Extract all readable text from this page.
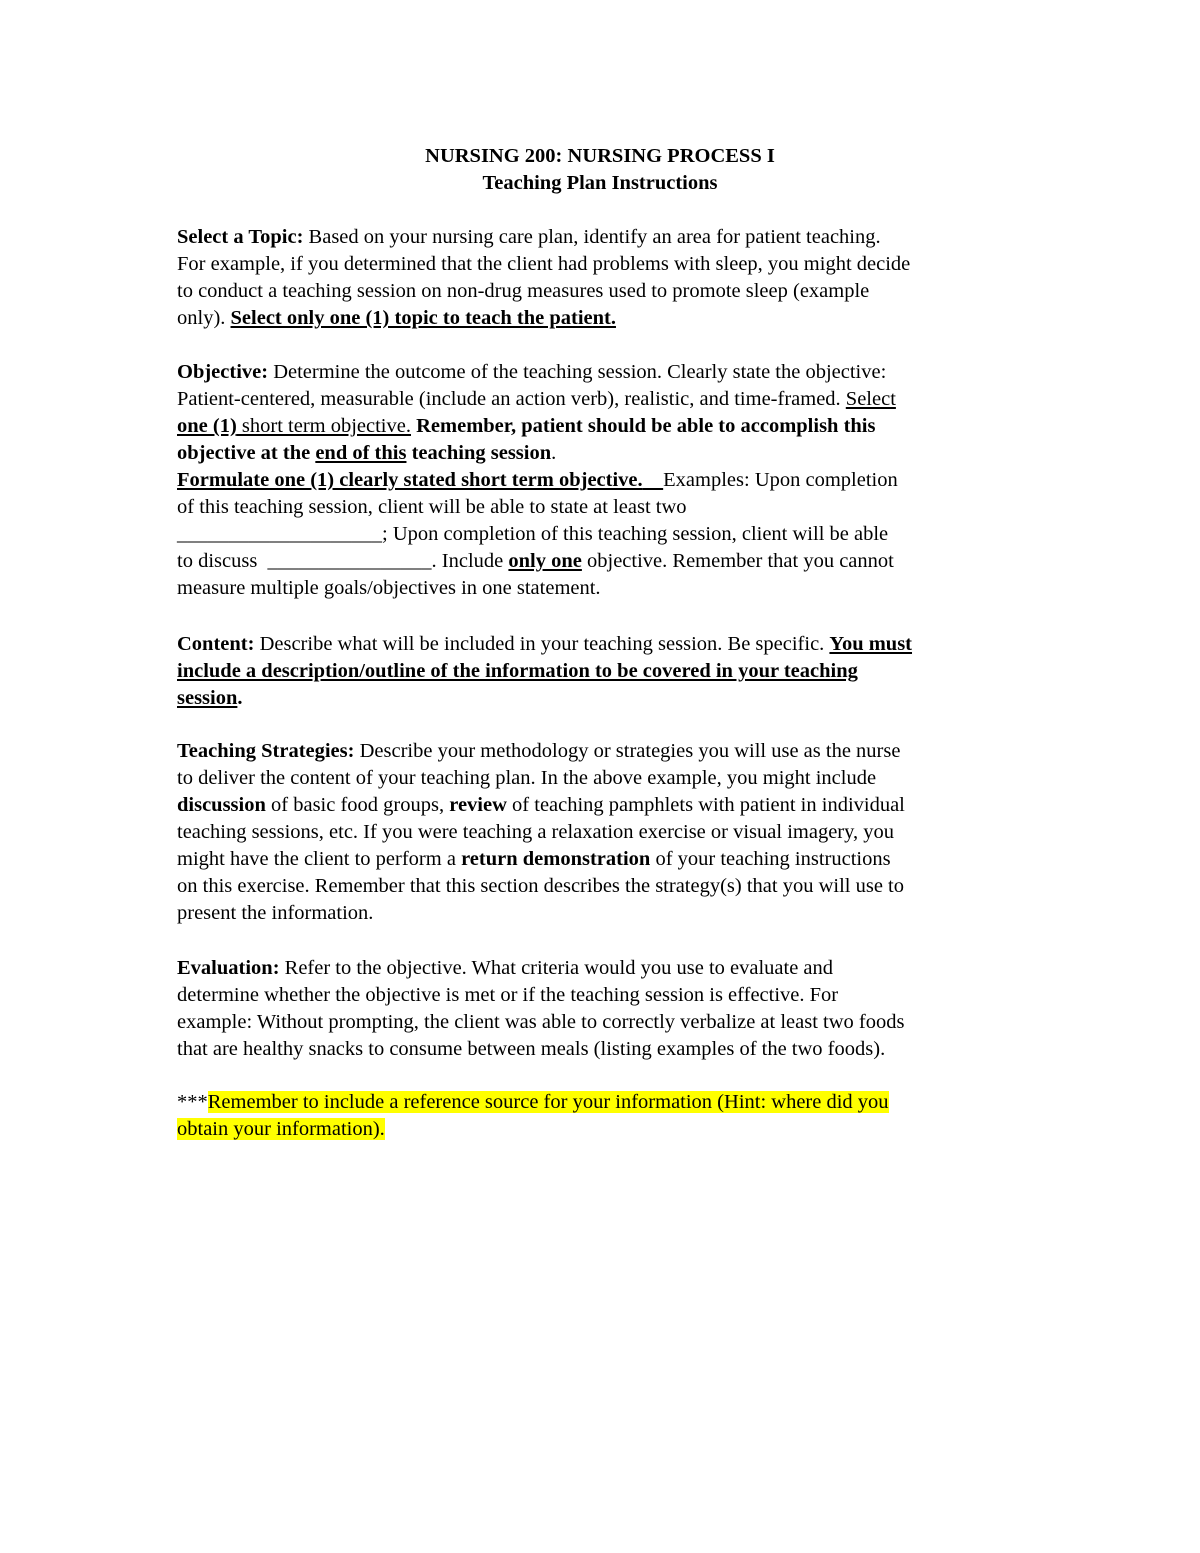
NURSING 200: NURSING PROCESS I
Teaching Plan Instructions
Select a Topic: Based on your nursing care plan, identify an area for patient teaching.
For example, if you determined that the client had problems with sleep, you might decide
to conduct a teaching session on non-drug measures used to promote sleep (example
only). Select only one (1) topic to teach the patient.
Objective: Determine the outcome of the teaching session. Clearly state the objective:
Patient-centered, measurable (include an action verb), realistic, and time-framed. Select
one (1) short term objective. Remember, patient should be able to accomplish this
objective at the end of this teaching session.
Formulate one (1) clearly stated short term objective. Examples: Upon completion
of this teaching session, client will be able to state at least two
____________________; Upon completion of this teaching session, client will be able
to discuss  ________________. Include only one objective. Remember that you cannot
measure multiple goals/objectives in one statement.
Content: Describe what will be included in your teaching session. Be specific. You must
include a description/outline of the information to be covered in your teaching
session.
Teaching Strategies: Describe your methodology or strategies you will use as the nurse
to deliver the content of your teaching plan. In the above example, you might include
discussion of basic food groups, review of teaching pamphlets with patient in individual
teaching sessions, etc. If you were teaching a relaxation exercise or visual imagery, you
might have the client to perform a return demonstration of your teaching instructions
on this exercise. Remember that this section describes the strategy(s) that you will use to
present the information.
Evaluation: Refer to the objective. What criteria would you use to evaluate and
determine whether the objective is met or if the teaching session is effective. For
example: Without prompting, the client was able to correctly verbalize at least two foods
that are healthy snacks to consume between meals (listing examples of the two foods).
***Remember to include a reference source for your information (Hint: where did you
obtain your information).
